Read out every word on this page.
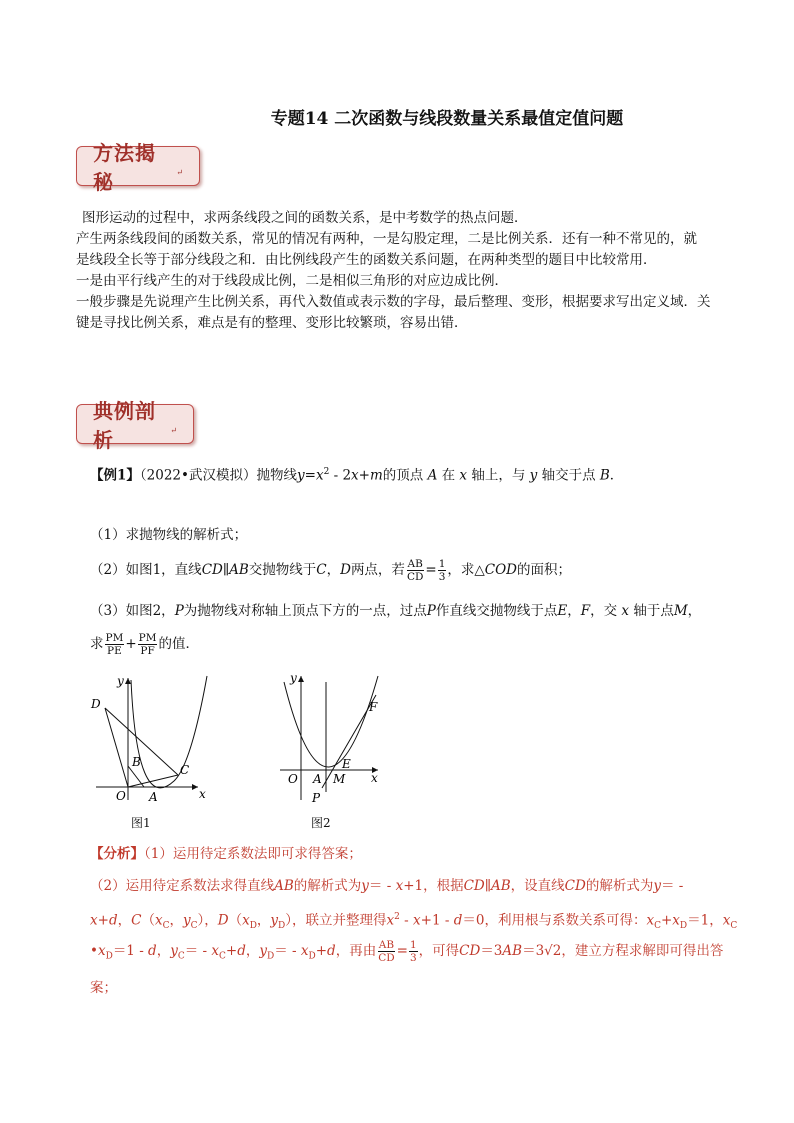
专题14 二次函数与线段数量关系最值定值问题
方法揭秘	↵
图形运动的过程中，求两条线段之间的函数关系，是中考数学的热点问题．
产生两条线段间的函数关系，常见的情况有两种，一是勾股定理，二是比例关系．还有一种不常见的，就
是线段全长等于部分线段之和．由比例线段产生的函数关系问题，在两种类型的题目中比较常用．
一是由平行线产生的对于线段成比例，二是相似三角形的对应边成比例．
一般步骤是先说理产生比例关系，再代入数值或表示数的字母，最后整理、变形，根据要求写出定义域．关
键是寻找比例关系，难点是有的整理、变形比较繁琐，容易出错．
典例剖析	↵
【例1】（2022•武汉模拟）抛物线$y=x^2 - 2x+m$的顶点 A 在 x 轴上，与 y 轴交于点 B．
（1）求抛物线的解析式；
（2）如图1，直线CD∥AB交抛物线于C，D两点，若 $\frac{AB}{CD} = \frac{1}{3}$ ，求△COD的面积；
（3）如图2，P为抛物线对称轴上顶点下方的一点，过点P作直线交抛物线于点E，F，交 x 轴于点M，
求 $\frac{PM}{PE} + \frac{PM}{PF}$ 的值．
y
x
O A
B
C
D
图1
y
x
O A M
E
F
P
图2
【分析】（1）运用待定系数法即可求得答案；
（2）运用待定系数法求得直线AB的解析式为y＝ - x+1，根据CD∥AB，设直线CD的解析式为y＝ -
x+d，$C(x_C$，$y_C$），$D(x_D$，$y_D$），联立并整理得$x^2 - x+1 - d=0$，利用根与系数关系可得：$x_C+x_D=1$，$x_C$
$•x_D=1 - d$，$y_C= - x_C+d$，$y_D= - x_D+d$，再由 $\frac{AB}{CD} = \frac{1}{3}$ ，可得CD＝3AB＝3√2，建立方程求解即可得出答
案；
